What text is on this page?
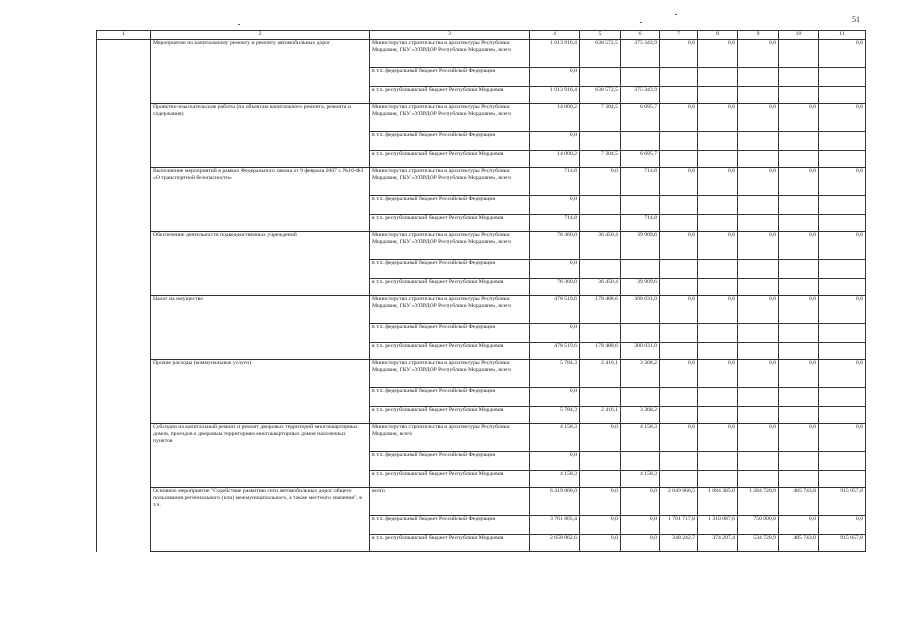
51
1	2	3	4	5	6	7	8	9	10	11
	Мероприятие по капитальному ремонту и ремонту автомобильных дорог	Министерство строительства и архитектуры Республики Мордовия, ГКУ «УПРДОР Республики Мордовия», всего	1 013 916,4	638 572,5	375 343,9	0,0	0,0	0,0		0,0
		в т.ч. федеральный бюджет Российской Федерации	0,0							
		в т.ч. республиканский бюджет Республики Мордовия	1 013 916,4	638 572,5	375 343,9					
	Проектно-изыскательские работы (по объектам капитального ремонта, ремонта и содержания)	Министерство строительства и архитектуры Республики Мордовия, ГКУ «УПРДОР Республики Мордовия», всего	14 000,2	7 304,5	6 695,7	0,0	0,0	0,0	0,0	0,0
		в т.ч. федеральный бюджет Российской Федерации	0,0							
		в т.ч. республиканский бюджет Республики Мордовия	14 000,2	7 304,5	6 695,7					
	Выполнение мероприятий в рамках Федерального закона от 9 февраля 2007 г. №16-ФЗ «О транспортной безопасности»	Министерство строительства и архитектуры Республики Мордовия, ГКУ «УПРДОР Республики Мордовия», всего	714,8	0,0	714,8	0,0	0,0	0,0	0,0	0,0
		в т.ч. федеральный бюджет Российской Федерации	0,0							
		в т.ч. республиканский бюджет Республики Мордовия	714,8		714,8					
	Обеспечение деятельности подведомственных учреждений	Министерство строительства и архитектуры Республики Мордовия, ГКУ «УПРДОР Республики Мордовия», всего	76 360,0	36 450,4	39 909,6	0,0	0,0	0,0	0,0	0,0
		в т.ч. федеральный бюджет Российской Федерации	0,0							
		в т.ч. республиканский бюджет Республики Мордовия	76 360,0	36 450,4	39 909,6					
	Налог на имущество	Министерство строительства и архитектуры Республики Мордовия, ГКУ «УПРДОР Республики Мордовия», всего	478 519,6	178 488,6	300 031,0	0,0	0,0	0,0	0,0	0,0
		в т.ч. федеральный бюджет Российской Федерации	0,0							
		в т.ч. республиканский бюджет Республики Мордовия	478 519,6	178 488,6	300 031,0					
	Прочие расходы (коммунальные услуги)	Министерство строительства и архитектуры Республики Мордовия, ГКУ «УПРДОР Республики Мордовия», всего	5 784,3	2 416,1	3 368,2	0,0	0,0	0,0	0,0	0,0
		в т.ч. федеральный бюджет Российской Федерации	0,0							
		в т.ч. республиканский бюджет Республики Мордовия	5 784,3	2 416,1	3 368,2					
	Субсидии на капитальный ремонт и ремонт дворовых территорий многоквартирных домов, проездов к дворовым территориям многоквартирных домов населенных пунктов	Министерство строительства и архитектуры Республики Мордовия, всего	4 158,3	0,0	4 158,3	0,0	0,0	0,0	0,0	0,0
		в т.ч. федеральный бюджет Российской Федерации	0,0							
		в т.ч. республиканский бюджет Республики Мордовия	4 158,3		4 158,3					
	Основное мероприятие "Содействие развитию сети автомобильных дорог общего пользования регионального (или) межмуниципального, а также местного значения", в т.ч.	всего	6 419 868,0	0,0	0,0	2 049 960,5	1 684 385,0	1 284 720,9	485 743,8	915 057,8
		в т.ч. федеральный бюджет Российской Федерации	3 761 805,4	0,0	0,0	1 701 717,8	1 310 087,6	750 000,0	0,0	0,0
		в т.ч. республиканский бюджет Республики Мордовия	2 658 062,6	0,0	0,0	348 242,7	374 297,4	534 720,9	485 743,8	915 057,8
